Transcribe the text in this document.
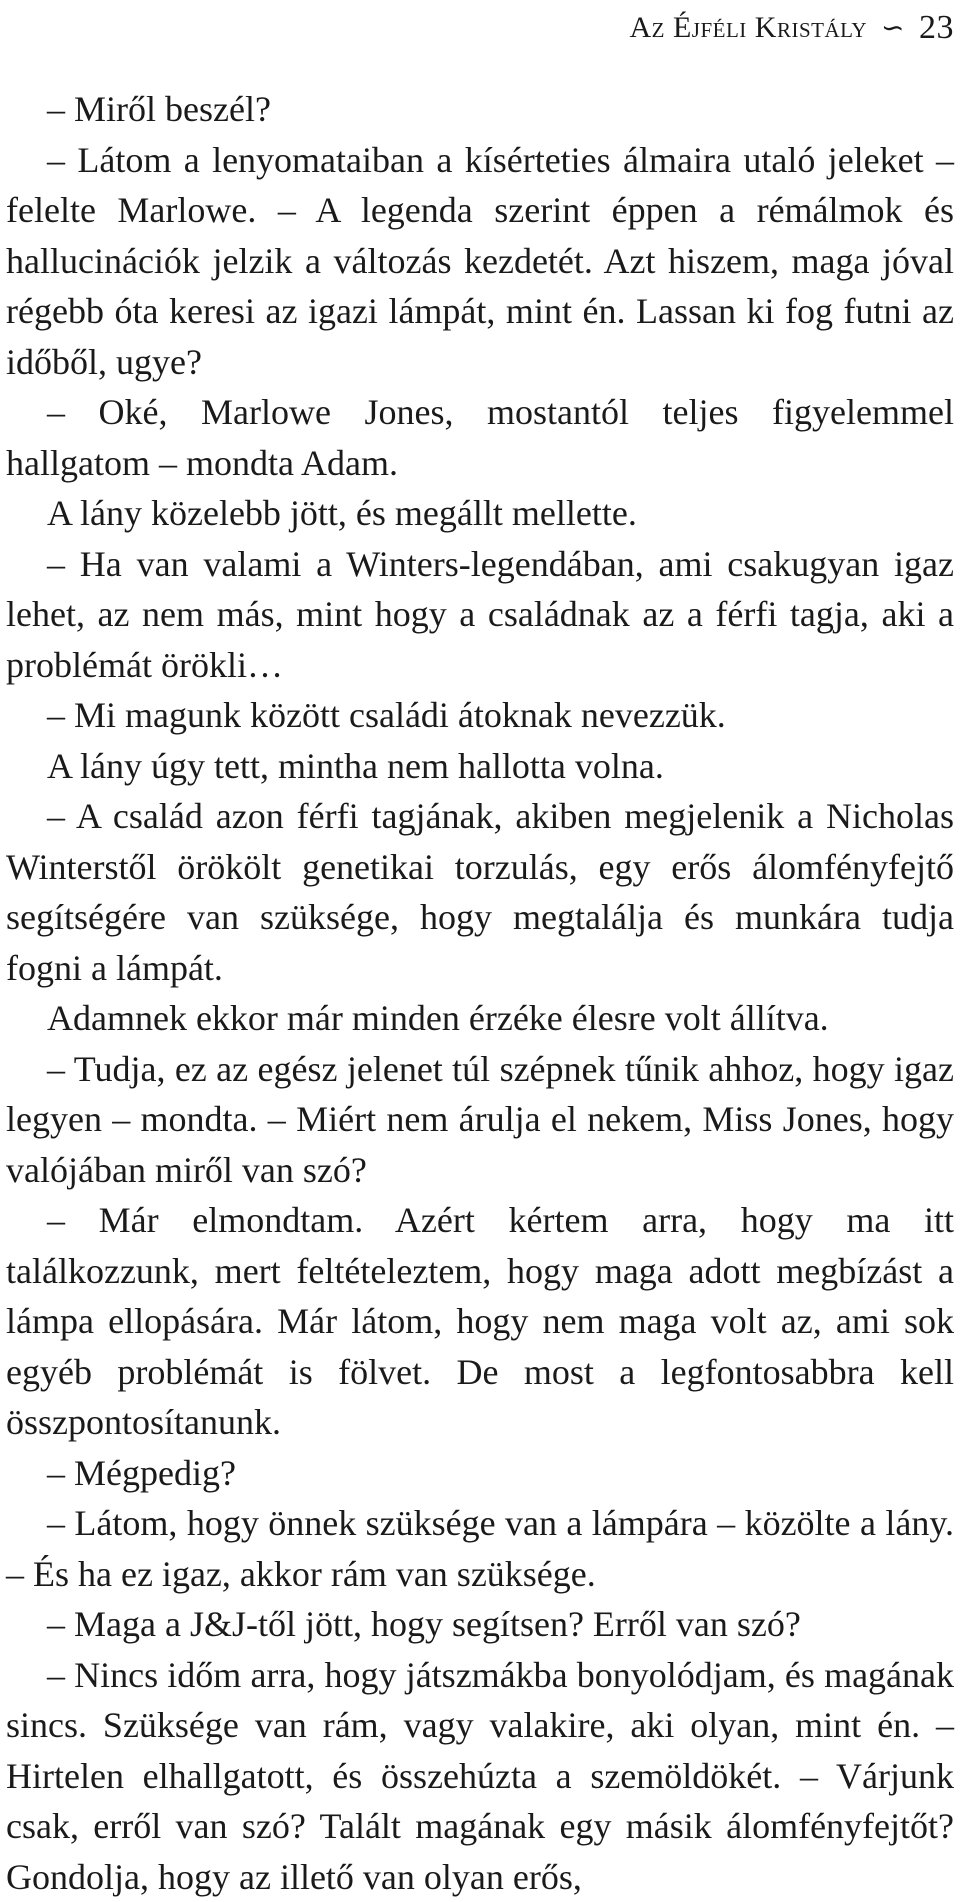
Az Éjféli Kristály ∽ 23

– Miről beszél?

– Látom a lenyomataiban a kísérteties álmaira utaló jeleket – felelte Marlowe. – A legenda szerint éppen a rémálmok és hallucinációk jelzik a változás kezdetét. Azt hiszem, maga jóval régebb óta keresi az igazi lámpát, mint én. Lassan ki fog futni az időből, ugye?

– Oké, Marlowe Jones, mostantól teljes figyelemmel hallgatom – mondta Adam.

A lány közelebb jött, és megállt mellette.

– Ha van valami a Winters-legendában, ami csakugyan igaz lehet, az nem más, mint hogy a családnak az a férfi tagja, aki a problémát örökli…

– Mi magunk között családi átoknak nevezzük.

A lány úgy tett, mintha nem hallotta volna.

– A család azon férfi tagjának, akiben megjelenik a Nicholas Winterstől örökölt genetikai torzulás, egy erős álomfényfejtő segítségére van szüksége, hogy megtalálja és munkára tudja fogni a lámpát.

Adamnek ekkor már minden érzéke élesre volt állítva.

– Tudja, ez az egész jelenet túl szépnek tűnik ahhoz, hogy igaz legyen – mondta. – Miért nem árulja el nekem, Miss Jones, hogy valójában miről van szó?

– Már elmondtam. Azért kértem arra, hogy ma itt találkozzunk, mert feltételeztem, hogy maga adott megbízást a lámpa ellopására. Már látom, hogy nem maga volt az, ami sok egyéb problémát is fölvet. De most a legfontosabbra kell összpontosítanunk.

– Mégpedig?

– Látom, hogy önnek szüksége van a lámpára – közölte a lány. – És ha ez igaz, akkor rám van szüksége.

– Maga a J&J-től jött, hogy segítsen? Erről van szó?

– Nincs időm arra, hogy játszmákba bonyolódjam, és magának sincs. Szüksége van rám, vagy valakire, aki olyan, mint én. – Hirtelen elhallgatott, és összehúzta a szemöldökét. – Várjunk csak, erről van szó? Talált magának egy másik álomfényfejtőt? Gondolja, hogy az illető van olyan erős,
